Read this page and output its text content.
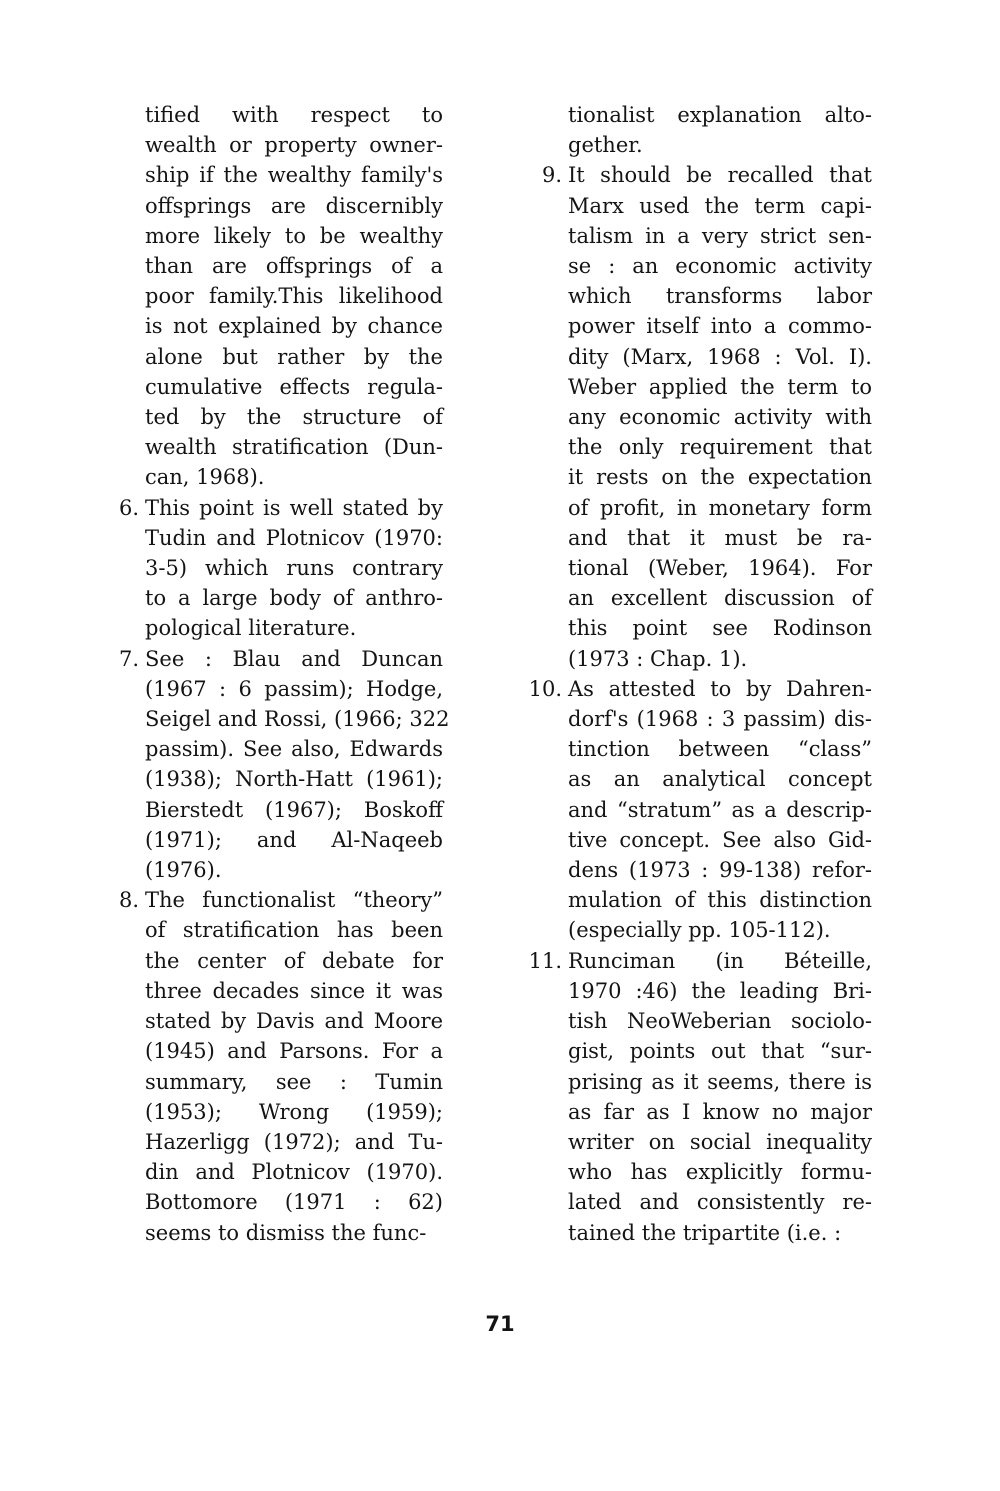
tified with respect to
wealth or property owner-
ship if the wealthy family's
offsprings are discernibly
more likely to be wealthy
than are offsprings of a
poor family.This likelihood
is not explained by chance
alone but rather by the
cumulative effects regula-
ted by the structure of
wealth stratification (Dun-
can, 1968).
6. This point is well stated by
Tudin and Plotnicov (1970:
3-5) which runs contrary
to a large body of anthro-
pological literature.
7. See : Blau and Duncan
(1967 : 6 passim); Hodge,
Seigel and Rossi, (1966; 322
passim). See also, Edwards
(1938); North-Hatt (1961);
Bierstedt (1967); Boskoff
(1971); and Al-Naqeeb
(1976).
8. The functionalist “theory”
of stratification has been
the center of debate for
three decades since it was
stated by Davis and Moore
(1945) and Parsons. For a
summary, see : Tumin
(1953); Wrong (1959);
Hazerligg (1972); and Tu-
din and Plotnicov (1970).
Bottomore (1971 : 62)
seems to dismiss the func-
tionalist explanation alto-
gether.
9. It should be recalled that
Marx used the term capi-
talism in a very strict sen-
se : an economic activity
which transforms labor
power itself into a commo-
dity (Marx, 1968 : Vol. I).
Weber applied the term to
any economic activity with
the only requirement that
it rests on the expectation
of profit, in monetary form
and that it must be ra-
tional (Weber, 1964). For
an excellent discussion of
this point see Rodinson
(1973 : Chap. 1).
10. As attested to by Dahren-
dorf's (1968 : 3 passim) dis-
tinction between “class”
as an analytical concept
and “stratum” as a descrip-
tive concept. See also Gid-
dens (1973 : 99-138) refor-
mulation of this distinction
(especially pp. 105-112).
11. Runciman (in Béteille,
1970 :46) the leading Bri-
tish NeoWeberian sociolo-
gist, points out that “sur-
prising as it seems, there is
as far as I know no major
writer on social inequality
who has explicitly formu-
lated and consistently re-
tained the tripartite (i.e. :
71
